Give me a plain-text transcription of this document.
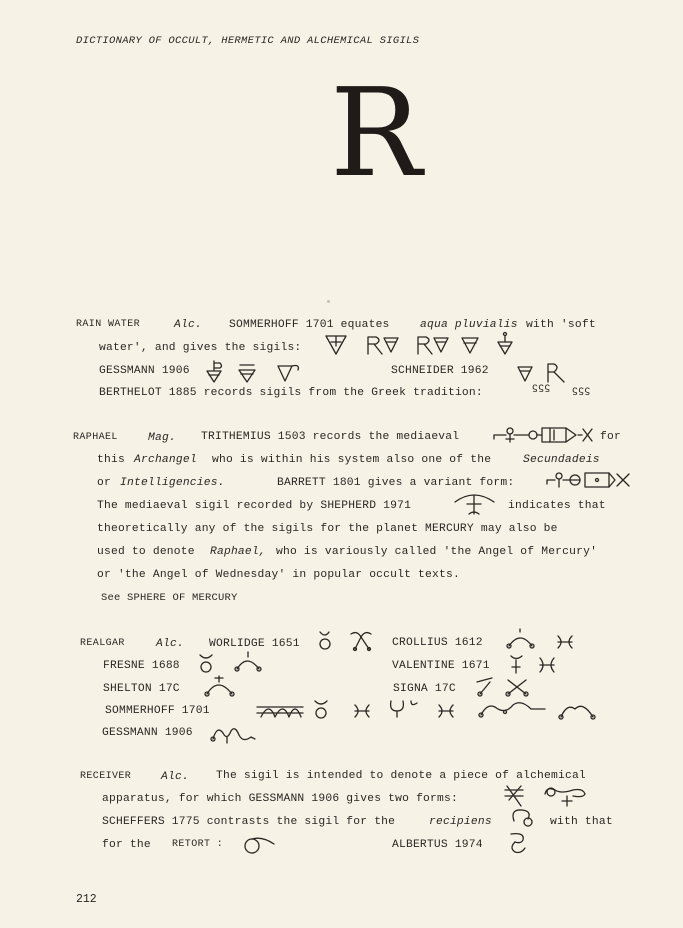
DICTIONARY OF OCCULT, HERMETIC AND ALCHEMICAL SIGILS
R
RAIN WATER	Alc. SOMMERHOFF 1701 equates	aqua pluvialis with 'soft
water', and gives the sigils:
GESSMANN 1906	SCHNEIDER 1962
BERTHELOT 1885 records sigils from the Greek tradition:	ϛϛϛ ϛϛϛ
RAPHAEL	Mag. TRITHEMIUS 1503 records the mediaeval	for
this Archangel who is within his system also one of the	Secundadeis
or Intelligencies.	BARRETT 1801 gives a variant form:
The mediaeval sigil recorded by SHEPHERD 1971	indicates that
theoretically any of the sigils for the planet MERCURY may also be
used to denote Raphael, who is variously called 'the Angel of Mercury'
or 'the Angel of Wednesday' in popular occult texts.
See SPHERE OF MERCURY
REALGAR	Alc. WORLIDGE 1651	CROLLIUS 1612
FRESNE 1688	VALENTINE 1671
SHELTON 17C	SIGNA 17C
SOMMERHOFF 1701
GESSMANN 1906
RECEIVER	Alc. The sigil is intended to denote a piece of alchemical
apparatus, for which GESSMANN 1906 gives two forms:
SCHEFFERS 1775 contrasts the sigil for the	recipiens	with that
for the RETORT :	ALBERTUS 1974
212
